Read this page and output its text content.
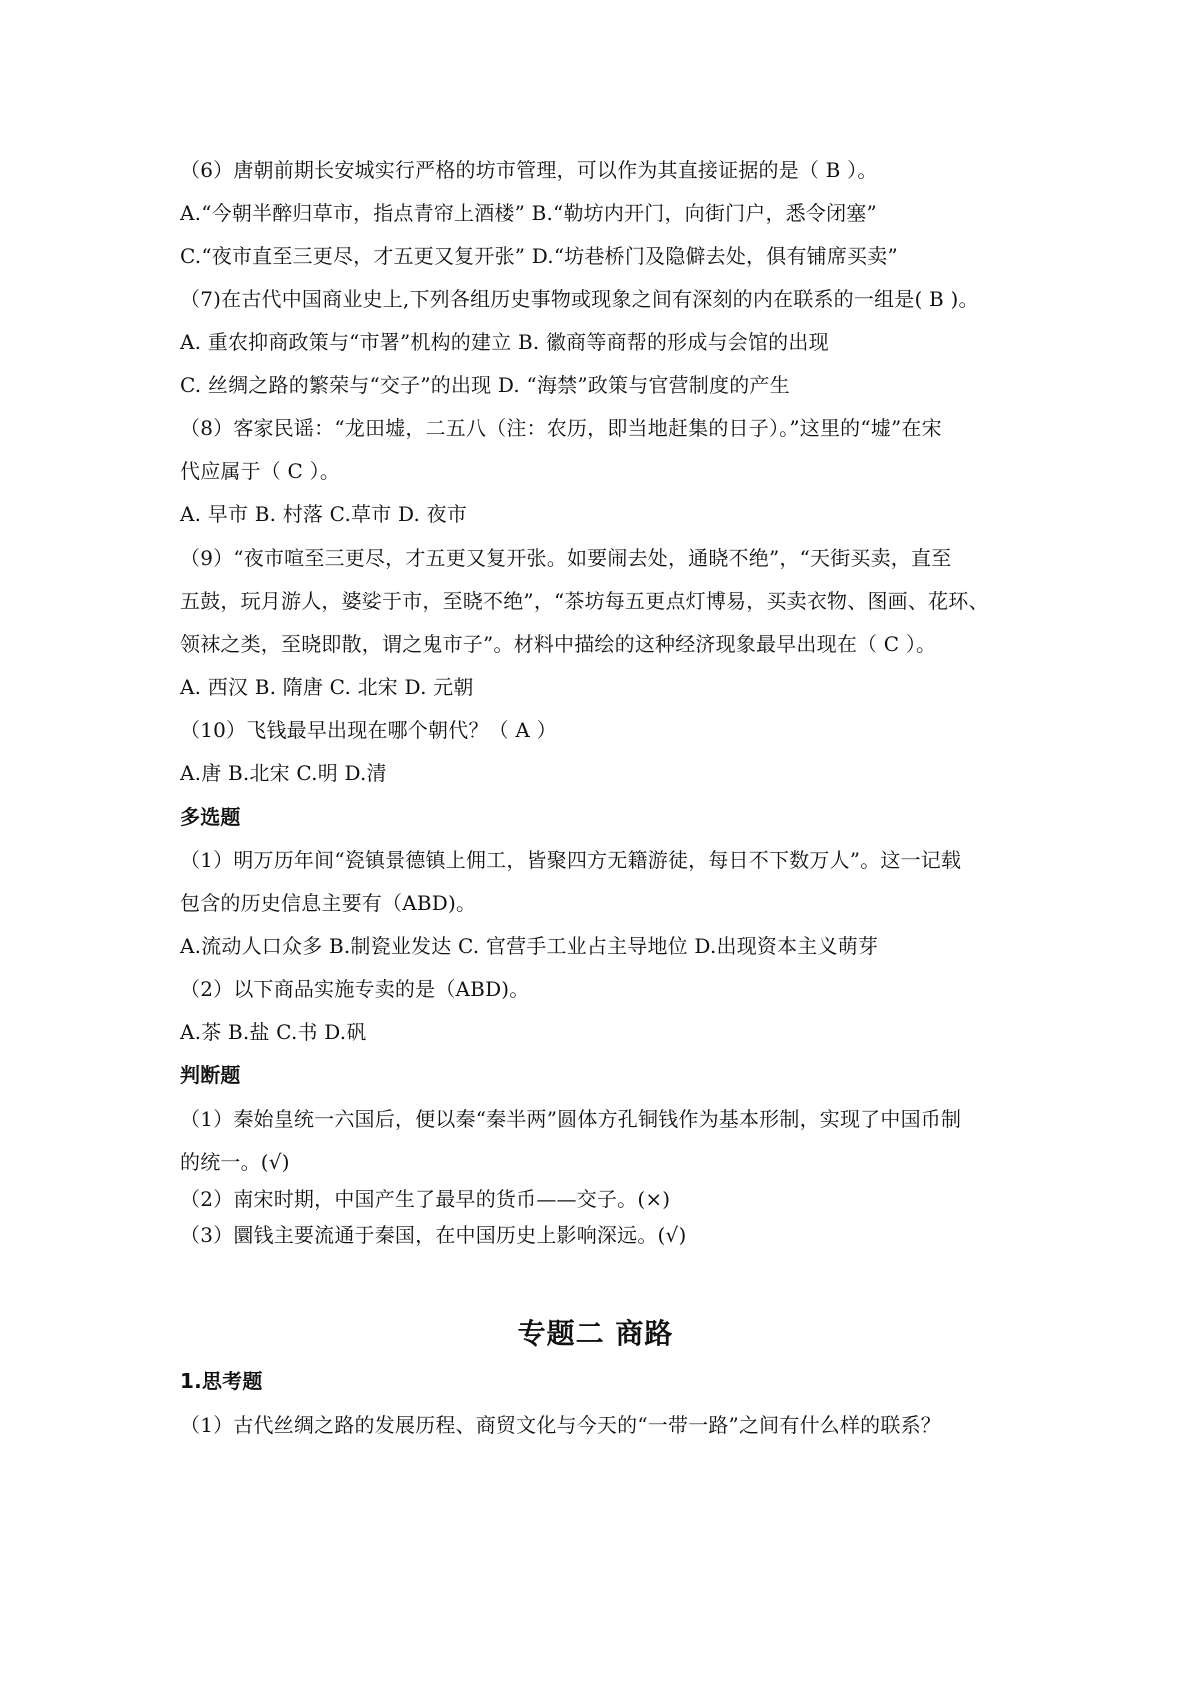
（6）唐朝前期长安城实行严格的坊市管理，可以作为其直接证据的是（ B ）。
A.“今朝半醉归草市，指点青帘上酒楼” B.“勒坊内开门，向街门户，悉令闭塞”
C.“夜市直至三更尽，才五更又复开张” D.“坊巷桥门及隐僻去处，俱有铺席买卖”
（7)在古代中国商业史上,下列各组历史事物或现象之间有深刻的内在联系的一组是( B )。
A. 重农抑商政策与“市署”机构的建立 B. 徽商等商帮的形成与会馆的出现
C. 丝绸之路的繁荣与“交子”的出现 D. “海禁”政策与官营制度的产生
（8）客家民谣：“龙田墟，二五八（注：农历，即当地赶集的日子）。”这里的“墟”在宋
代应属于（ C ）。
A. 早市 B. 村落 C.草市 D. 夜市
（9）“夜市喧至三更尽，才五更又复开张。如要闹去处，通晓不绝”，“天街买卖，直至
五鼓，玩月游人，婆娑于市，至晓不绝”，“茶坊每五更点灯博易，买卖衣物、图画、花环、
领袜之类，至晓即散，谓之鬼市子”。材料中描绘的这种经济现象最早出现在（ C ）。
A. 西汉 B. 隋唐 C. 北宋 D. 元朝
（10）飞钱最早出现在哪个朝代？（ A ）
A.唐 B.北宋 C.明 D.清
多选题
（1）明万历年间“瓷镇景德镇上佣工，皆聚四方无籍游徒，每日不下数万人”。这一记载
包含的历史信息主要有（ABD)。
A.流动人口众多 B.制瓷业发达 C. 官营手工业占主导地位 D.出现资本主义萌芽
（2）以下商品实施专卖的是（ABD)。
A.茶 B.盐 C.书 D.矾
判断题
（1）秦始皇统一六国后，便以秦“秦半两”圆体方孔铜钱作为基本形制，实现了中国币制
的统一。(√)
（2）南宋时期，中国产生了最早的货币——交子。(×)
（3）圜钱主要流通于秦国，在中国历史上影响深远。(√)
专题二 商路
1.思考题
（1）古代丝绸之路的发展历程、商贸文化与今天的“一带一路”之间有什么样的联系？
